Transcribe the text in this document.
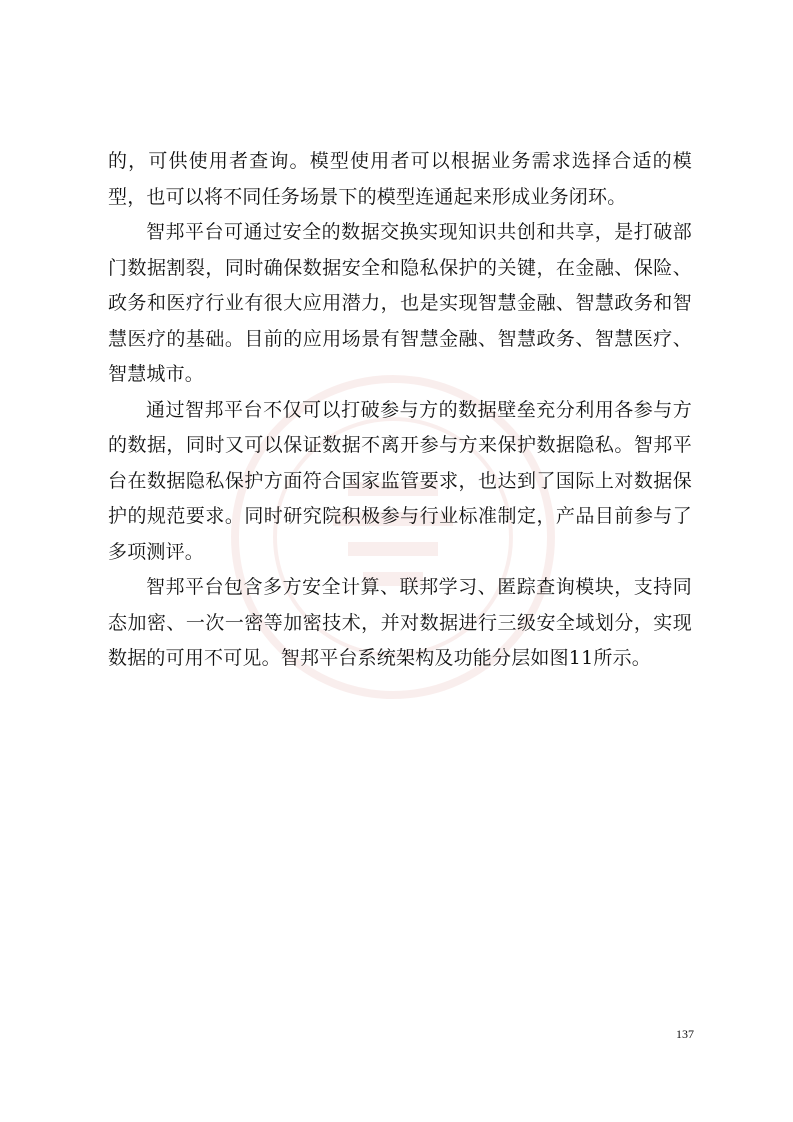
的，可供使用者查询。模型使用者可以根据业务需求选择合适的模型，也可以将不同任务场景下的模型连通起来形成业务闭环。

智邦平台可通过安全的数据交换实现知识共创和共享，是打破部门数据割裂，同时确保数据安全和隐私保护的关键，在金融、保险、政务和医疗行业有很大应用潜力，也是实现智慧金融、智慧政务和智慧医疗的基础。目前的应用场景有智慧金融、智慧政务、智慧医疗、智慧城市。

通过智邦平台不仅可以打破参与方的数据壁垒充分利用各参与方的数据，同时又可以保证数据不离开参与方来保护数据隐私。智邦平台在数据隐私保护方面符合国家监管要求，也达到了国际上对数据保护的规范要求。同时研究院积极参与行业标准制定，产品目前参与了多项测评。

智邦平台包含多方安全计算、联邦学习、匿踪查询模块，支持同态加密、一次一密等加密技术，并对数据进行三级安全域划分，实现数据的可用不可见。智邦平台系统架构及功能分层如图11所示。

137
